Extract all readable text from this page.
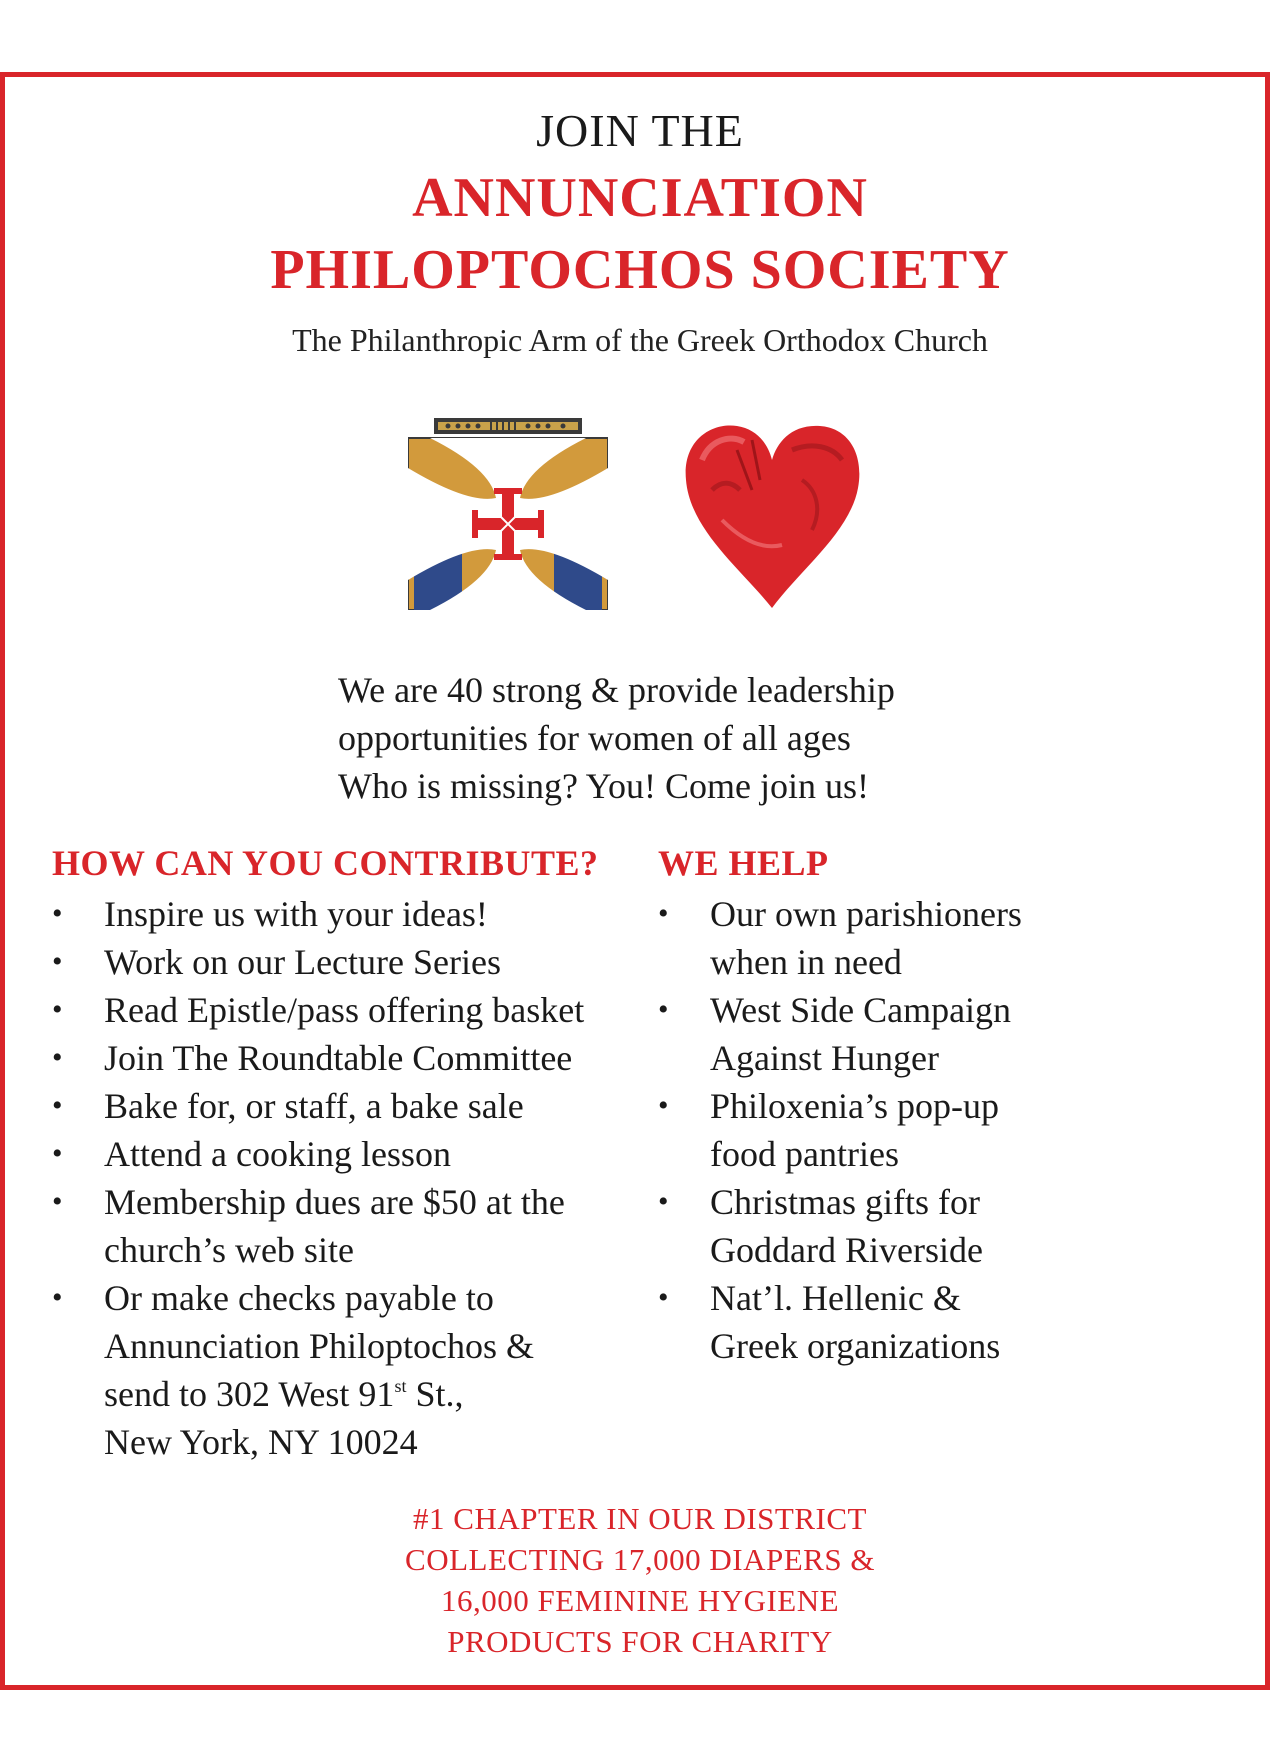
JOIN THE
ANNUNCIATION
PHILOPTOCHOS SOCIETY
The Philanthropic Arm of the Greek Orthodox Church
We are 40 strong & provide leadership
opportunities for women of all ages
Who is missing? You! Come join us!
HOW CAN YOU CONTRIBUTE? WE HELP
•	Inspire us with your ideas!
•	Work on our Lecture Series
•	Read Epistle/pass offering basket
•	Join The Roundtable Committee
•	Bake for, or staff, a bake sale
•	Attend a cooking lesson
•	Membership dues are $50 at the
church’s web site
•	Or make checks payable to
Annunciation Philoptochos &
send to 302 West 91st St.,
New York, NY 10024
•	Our own parishioners
when in need
•	West Side Campaign
Against Hunger
•	Philoxenia’s pop-up
food pantries
•	Christmas gifts for
Goddard Riverside
•	Nat’l. Hellenic &
Greek organizations
#1 CHAPTER IN OUR DISTRICT
COLLECTING 17,000 DIAPERS &
16,000 FEMININE HYGIENE
PRODUCTS FOR CHARITY
